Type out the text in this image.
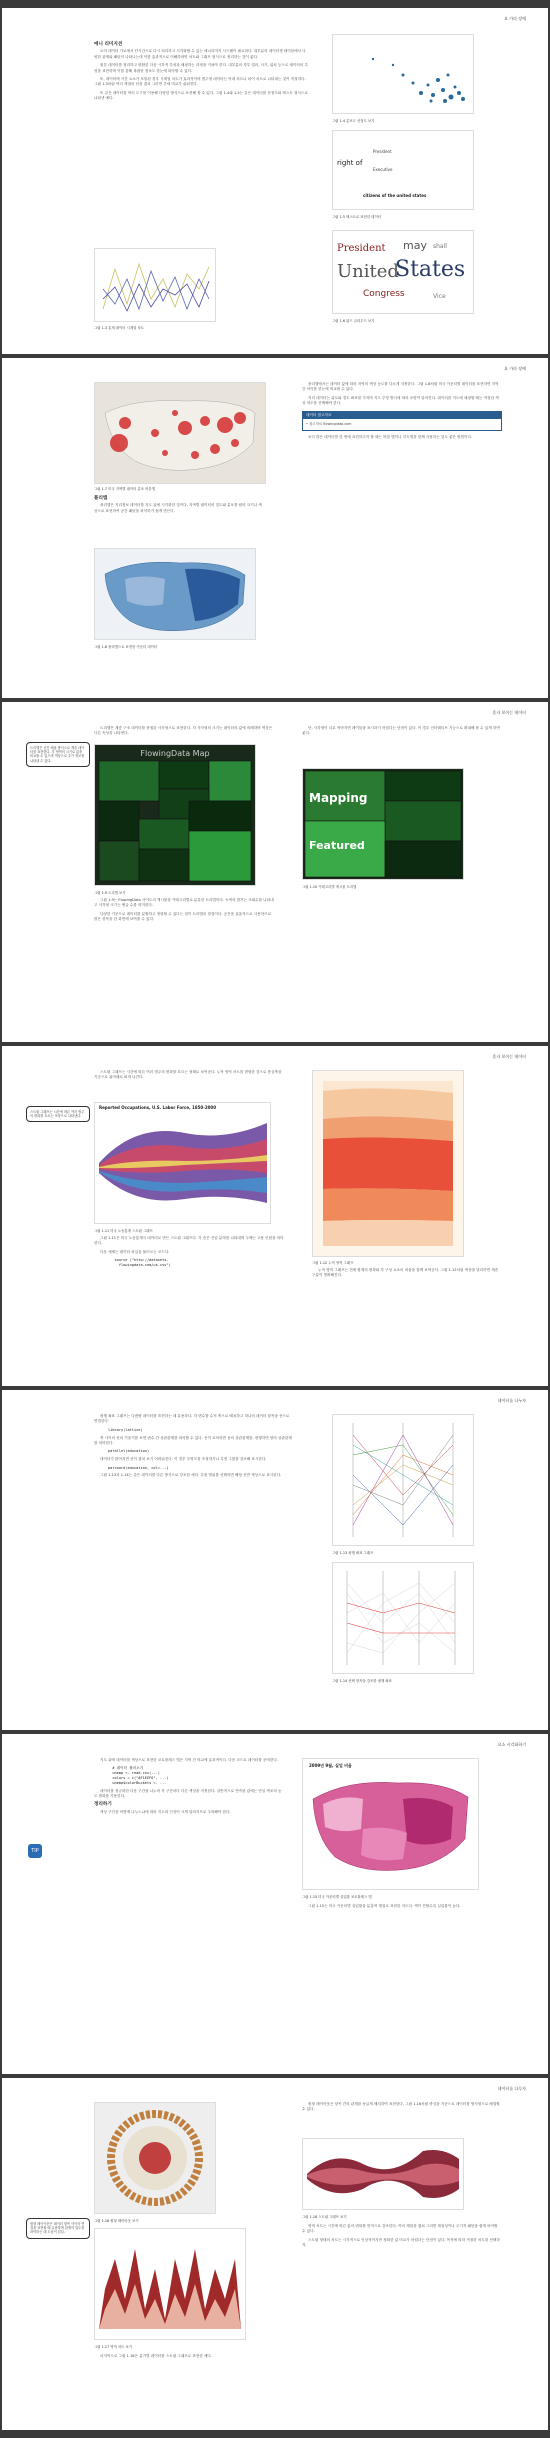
요 가라 장애
에니 리미지션

로어 데이터 가로에서 단기간으로 다시 처리하고 시각화할 수 있는 에너리미지 시스템이 필요하다. 대부분의 데이터셋 테이블에서 다양한 관계와 패턴이 나타나는데 이를 효과적으로 이해하려면 차트와 그래프 형식으로 정리하는 것이 좋다.

원본 데이터를 정리하고 변환한 다음 시각적 특성과 매핑하는 과정을 거쳐야 한다. 대부분의 경우 컬러, 크기, 위치 등으로 데이터의 특성을 표현하며 이를 통해 복잡한 정보도 한눈에 파악할 수 있다.

또, 데이터에 시간 요소가 포함된 경우 시계열 차트가 효과적이며 범주형 데이터는 막대 차트나 파이 차트로 나타내는 것이 적절하다. 그림 1.3처럼 여러 계열의 선을 겹쳐 그리면 추세 비교가 쉬워진다.

또 같은 데이터를 여러 도구를 이용해 다양한 방식으로 표현해 볼 수 있다. 그림 1.4와 1.5는 같은 데이터를 산점도와 텍스트 형식으로 나타낸 예다.

그림 1.3 통계 데이터 시계열 차트
그림 1.4 분포도 산점도 보기
right of
President
Executive
citizens of the united states
그림 1.5 텍스트로 표현한 데이터
President
United
States
may
Congress
shall
Vice
그림 1.6 워드 클라우드 보기
요 가라 장애
그림 1.7 미국 지역별 데이터 분포 버블맵
플리맵

플리맵은 지리정보 데이터를 지도 위에 시각화한 것이다. 지역별 데이터의 밀도와 분포를 원의 크기나 색상으로 표현하여 공간 패턴을 파악하기 쉽게 만든다.

그림 1.8 플리맵으로 표현한 카운티 데이터

플리맵에서는 데이터 값에 따라 지역의 색상 농도를 다르게 지정한다. 그림 1.8처럼 미국 카운티별 데이터를 표현하면 지역 간 차이를 한눈에 비교할 수 있다.

지리 데이터는 위도와 경도 좌표를 가지며 지도 투영 방식에 따라 모양이 달라진다. 데이터를 지도에 매핑할 때는 적절한 색상 척도를 선택해야 한다.

데이터 참고자료
• 참고자료 flowingdata.com

보다 많은 데이터를 한 번에 표현하고자 할 때는 버블 맵이나 히트맵을 함께 사용하는 것도 좋은 방법이다.

혼자 보이는 데이터
트리맵은 공간 채움 방식으로 계층 데이터를 표현한다. 각 영역의 크기로 값을 비교할 수 있으며 색상으로 추가 정보를 나타낼 수 있다.

트리맵은 계층 구조 데이터를 중첩된 사각형으로 표현한다. 각 사각형의 크기는 데이터의 값에 비례하며 색상은 다른 속성을 나타낸다.

FlowingData Map
그림 1.9 트리맵 보기

그림 1.9는 FlowingData 사이트의 게시물을 카테고리별로 분류한 트리맵이다. 녹색의 밝기는 조회수를 나타내고 사각형 크기는 댓글 수를 의미한다.

다양한 기준으로 데이터를 분할하고 정렬할 수 있다는 점이 트리맵의 장점이다. 공간을 효율적으로 사용하므로 많은 항목을 한 화면에 보여줄 수 있다.

단, 사각형이 너무 작아지면 레이블을 표시하기 어렵다는 단점이 있다. 이 경우 인터랙티브 기능으로 확대해 볼 수 있게 하면 좋다.

Mapping
Featured
그림 1.10 카테고리별 게시물 트리맵
혼자 보이는 데이터
스트림 그래프는 시간에 따른 여러 범주의 변화를 흐르는 모양으로 나타낸다.

스트림 그래프는 시간에 따른 여러 범주의 변화를 흐르는 형태로 보여준다. 누적 영역 차트를 변형한 것으로 중심축을 기준으로 위아래로 퍼져 나간다.

Reported Occupations, U.S. Labor Force, 1850-2000
그림 1.11 미국 노동통계 스트림 그래프

그림 1.11은 미국 노동통계국 데이터로 만든 스트림 그래프다. 각 층은 산업 분야를 나타내며 두께는 고용 인원을 의미한다.

다음 예제는 데이터 파일을 불러오는 코드다.

source ("http://datasets.
flowingdata.com/us.csv")
그림 1.12 누적 영역 그래프

누적 영역 그래프는 전체 합계의 변화와 각 구성 요소의 비율을 함께 보여준다. 그림 1.12처럼 색상을 달리하면 계층 구분이 명확해진다.

데이터를 나누자

평행 좌표 그래프는 다변량 데이터를 표현하는 데 유용하다. 각 변수를 수직 축으로 배치하고 하나의 데이터 항목을 선으로 연결한다.

library(lattice)

축 사이의 선의 기울기를 보면 변수 간 상관관계를 파악할 수 있다. 선이 교차하면 음의 상관관계를, 평행하면 양의 상관관계를 의미한다.

parallel(education)

데이터가 많아지면 선이 겹쳐 보기 어려워진다. 이 경우 투명도를 조절하거나 특정 그룹을 강조해 표시한다.

parcoord(education, col=...)

그림 1.13과 1.14는 같은 데이터를 다른 방식으로 강조한 예다. 특정 범위를 선택하면 해당 선만 색상으로 표시된다.

그림 1.13 평행 좌표 그래프
그림 1.14 선택 항목을 강조한 평행 좌표
요소 시각화하기
TIP

지도 위에 데이터를 색상으로 표현한 코로플레스 맵은 지역 간 비교에 효과적이다. 다음 코드로 데이터를 준비한다.

# 데이터 불러오기
unemp <- read.csv(...)
colors = c("#F1EEF6", ...)
unemp$colorBuckets <- ...

데이터를 정규화한 다음 구간을 나누어 각 구간마다 다른 색상을 지정한다. 일반적으로 연속된 값에는 단일 색조의 농도 변화를 사용한다.

정리하기

색상 구간을 어떻게 나누느냐에 따라 지도의 인상이 크게 달라지므로 주의해야 한다.

2009년 9월, 실업 비율
그림 1.15 미국 카운티별 실업률 코로플레스 맵

그림 1.15는 미국 카운티별 실업률을 분홍색 계열로 표현한 지도다. 색이 진할수록 실업률이 높다.

데이터를 다루자
원형 레이아웃은 데이터 항목 사이의 연결을 표현할 때 유용하며 관계의 밀도를 파악하는 데 도움이 된다.
그림 1.16 원형 레이아웃 보기
그림 1.17 영역 차트 보기

마지막으로 그림 1.18은 분기별 데이터를 스트림 그래프로 표현한 예다.

원형 레이아웃은 항목 간의 관계를 둥글게 배치하여 표현한다. 그림 1.16처럼 중심을 기준으로 데이터를 방사형으로 배열할 수 있다.

그림 1.18 스트림 그래프 보기

영역 차트는 시간에 따른 값의 변화를 면적으로 강조한다. 여러 계열을 겹쳐 그리면 계절성이나 주기적 패턴을 쉽게 파악할 수 있다.

스트림 형태의 차트는 시각적으로 인상적이지만 정확한 값 비교가 어렵다는 단점이 있다. 목적에 따라 적절한 차트를 선택하자.
